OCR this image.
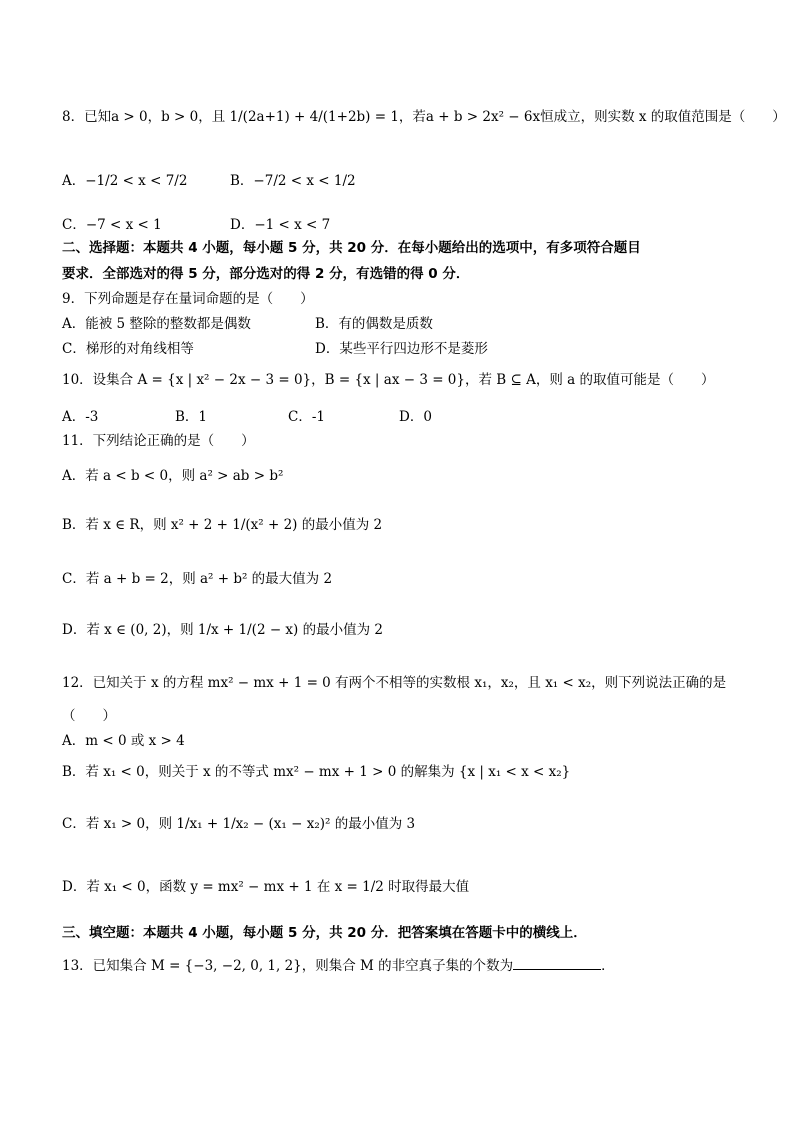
8．已知a > 0，b > 0，且 1/(2a+1) + 4/(1+2b) = 1，若a + b > 2x² − 6x恒成立，则实数 x 的取值范围是（　　）
A．−1/2 < x < 7/2	B．−7/2 < x < 1/2
C．−7 < x < 1	D．−1 < x < 7
二、选择题：本题共 4 小题，每小题 5 分，共 20 分．在每小题给出的选项中，有多项符合题目
要求．全部选对的得 5 分，部分选对的得 2 分，有选错的得 0 分．
9．下列命题是存在量词命题的是（　　）
A．能被 5 整除的整数都是偶数	B．有的偶数是质数
C．梯形的对角线相等	D．某些平行四边形不是菱形
10．设集合 A = {x | x² − 2x − 3 = 0}，B = {x | ax − 3 = 0}，若 B ⊆ A，则 a 的取值可能是（　　）
A．-3	B．1	C．-1	D．0
11．下列结论正确的是（　　）
A．若 a < b < 0，则 a² > ab > b²
B．若 x ∈ R，则 x² + 2 + 1/(x² + 2) 的最小值为 2
C．若 a + b = 2，则 a² + b² 的最大值为 2
D．若 x ∈ (0, 2)，则 1/x + 1/(2 − x) 的最小值为 2
12．已知关于 x 的方程 mx² − mx + 1 = 0 有两个不相等的实数根 x₁，x₂，且 x₁ < x₂，则下列说法正确的是
（　　）
A．m < 0 或 x > 4
B．若 x₁ < 0，则关于 x 的不等式 mx² − mx + 1 > 0 的解集为 {x | x₁ < x < x₂}
C．若 x₁ > 0，则 1/x₁ + 1/x₂ − (x₁ − x₂)² 的最小值为 3
D．若 x₁ < 0，函数 y = mx² − mx + 1 在 x = 1/2 时取得最大值
三、填空题：本题共 4 小题，每小题 5 分，共 20 分．把答案填在答题卡中的横线上．
13．已知集合 M = {−3, −2, 0, 1, 2}，则集合 M 的非空真子集的个数为	．
